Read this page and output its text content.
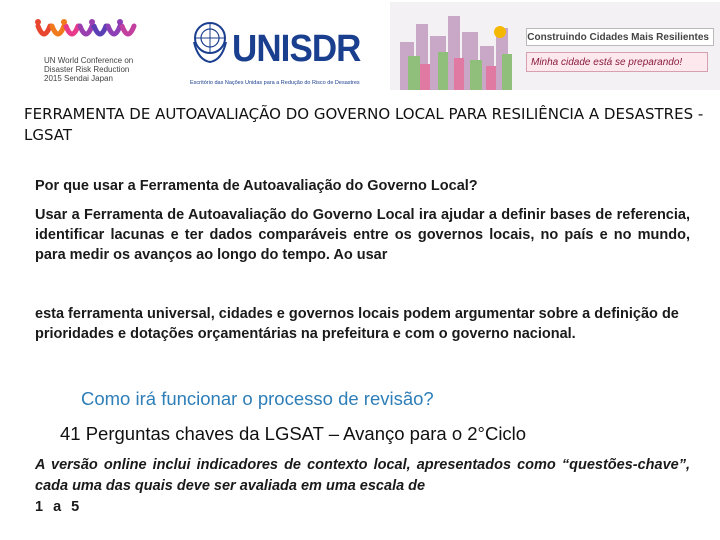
UN World Conference on
Disaster Risk Reduction
2015 Sendai Japan
UNISDR
Escritório das Nações Unidas para a Redução do Risco de Desastres
Construindo Cidades Mais Resilientes
Minha cidade está se preparando!
FERRAMENTA DE AUTOAVALIAÇÃO DO GOVERNO LOCAL PARA RESILIÊNCIA A DESASTRES - LGSAT
Por que usar a Ferramenta de Autoavaliação do Governo Local?
Usar a Ferramenta de Autoavaliação do Governo Local ira ajudar a definir bases de referencia, identificar lacunas e ter dados comparáveis entre os governos locais, no país e no mundo, para medir os avanços ao longo do tempo. Ao usar
esta ferramenta universal, cidades e governos locais podem argumentar sobre a definição de prioridades e dotações orçamentárias na prefeitura e com o governo nacional.
Como irá funcionar o processo de revisão?
41 Perguntas chaves da LGSAT – Avanço para o 2°Ciclo
A versão online inclui indicadores de contexto local, apresentados como “questões-chave”, cada uma das quais deve ser avaliada em uma escala de
1 a 5
